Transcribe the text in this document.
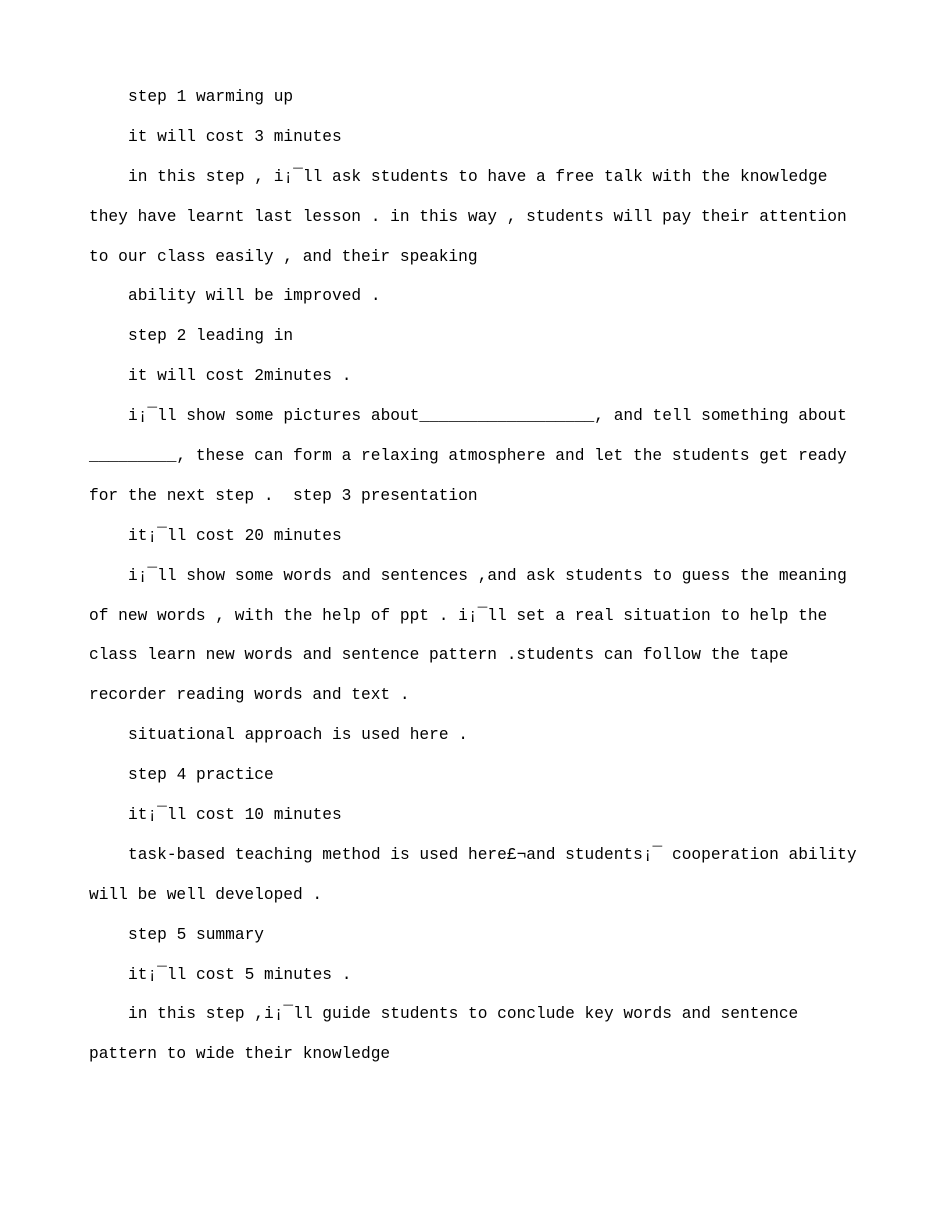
step 1 warming up
it will cost 3 minutes
in this step , i¡¯ll ask students to have a free talk with the knowledge
they have learnt last lesson . in this way , students will pay their attention
to our class easily , and their speaking
ability will be improved .
step 2 leading in
it will cost 2minutes .
i¡¯ll show some pictures about__________________, and tell something about
_________, these can form a relaxing atmosphere and let the students get ready
for the next step .  step 3 presentation
it¡¯ll cost 20 minutes
i¡¯ll show some words and sentences ,and ask students to guess the meaning
of new words , with the help of ppt . i¡¯ll set a real situation to help the
class learn new words and sentence pattern .students can follow the tape
recorder reading words and text .
situational approach is used here .
step 4 practice
it¡¯ll cost 10 minutes
task-based teaching method is used here£¬and students¡¯ cooperation ability
will be well developed .
step 5 summary
it¡¯ll cost 5 minutes .
in this step ,i¡¯ll guide students to conclude key words and sentence
pattern to wide their knowledge
